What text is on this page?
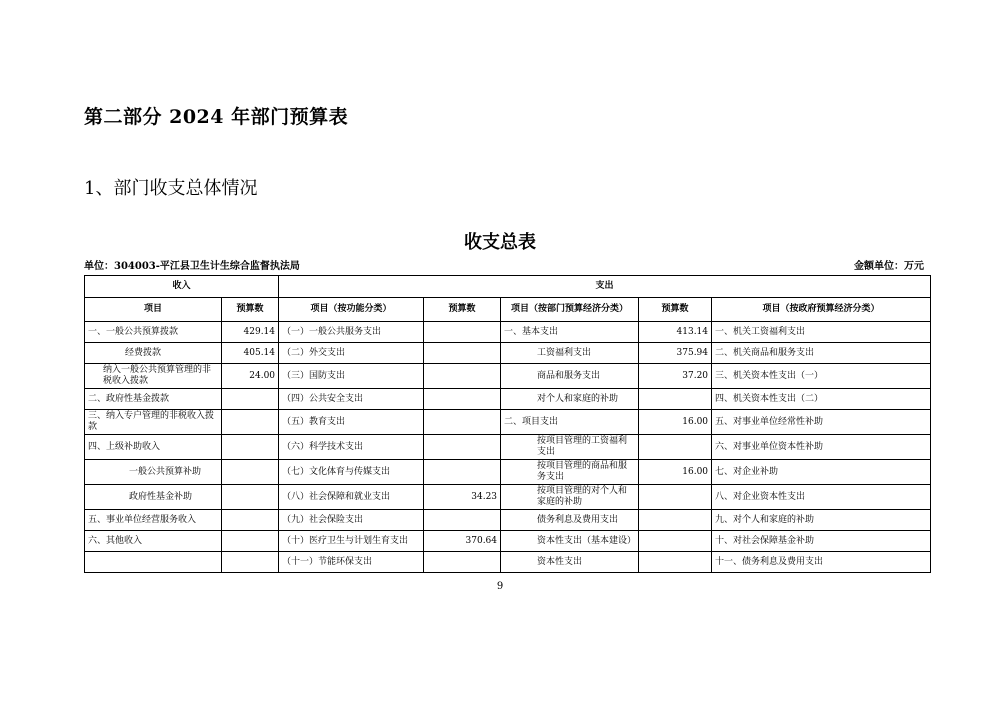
第二部分 2024 年部门预算表
1、部门收支总体情况
收支总表
单位：304003-平江县卫生计生综合监督执法局	金额单位：万元
收入		支出				
项目	预算数	项目（按功能分类）	预算数	项目（按部门预算经济分类）	预算数	项目（按政府预算经济分类）
一、一般公共预算拨款	429.14	（一）一般公共服务支出		一、基本支出	413.14	一、机关工资福利支出
经费拨款	405.14	（二）外交支出		工资福利支出	375.94	二、机关商品和服务支出
纳入一般公共预算管理的非税收入拨款	24.00	（三）国防支出		商品和服务支出	37.20	三、机关资本性支出（一）
二、政府性基金拨款		（四）公共安全支出		对个人和家庭的补助		四、机关资本性支出（二）
三、纳入专户管理的非税收入拨款		（五）教育支出		二、项目支出	16.00	五、对事业单位经常性补助
四、上级补助收入		（六）科学技术支出		按项目管理的工资福利支出		六、对事业单位资本性补助
一般公共预算补助		（七）文化体育与传媒支出		按项目管理的商品和服务支出	16.00	七、对企业补助
政府性基金补助		（八）社会保障和就业支出	34.23	按项目管理的对个人和家庭的补助		八、对企业资本性支出
五、事业单位经营服务收入		（九）社会保险支出		债务利息及费用支出		九、对个人和家庭的补助
六、其他收入		（十）医疗卫生与计划生育支出	370.64	资本性支出（基本建设）		十、对社会保障基金补助
		（十一）节能环保支出		资本性支出		十一、债务利息及费用支出
9
